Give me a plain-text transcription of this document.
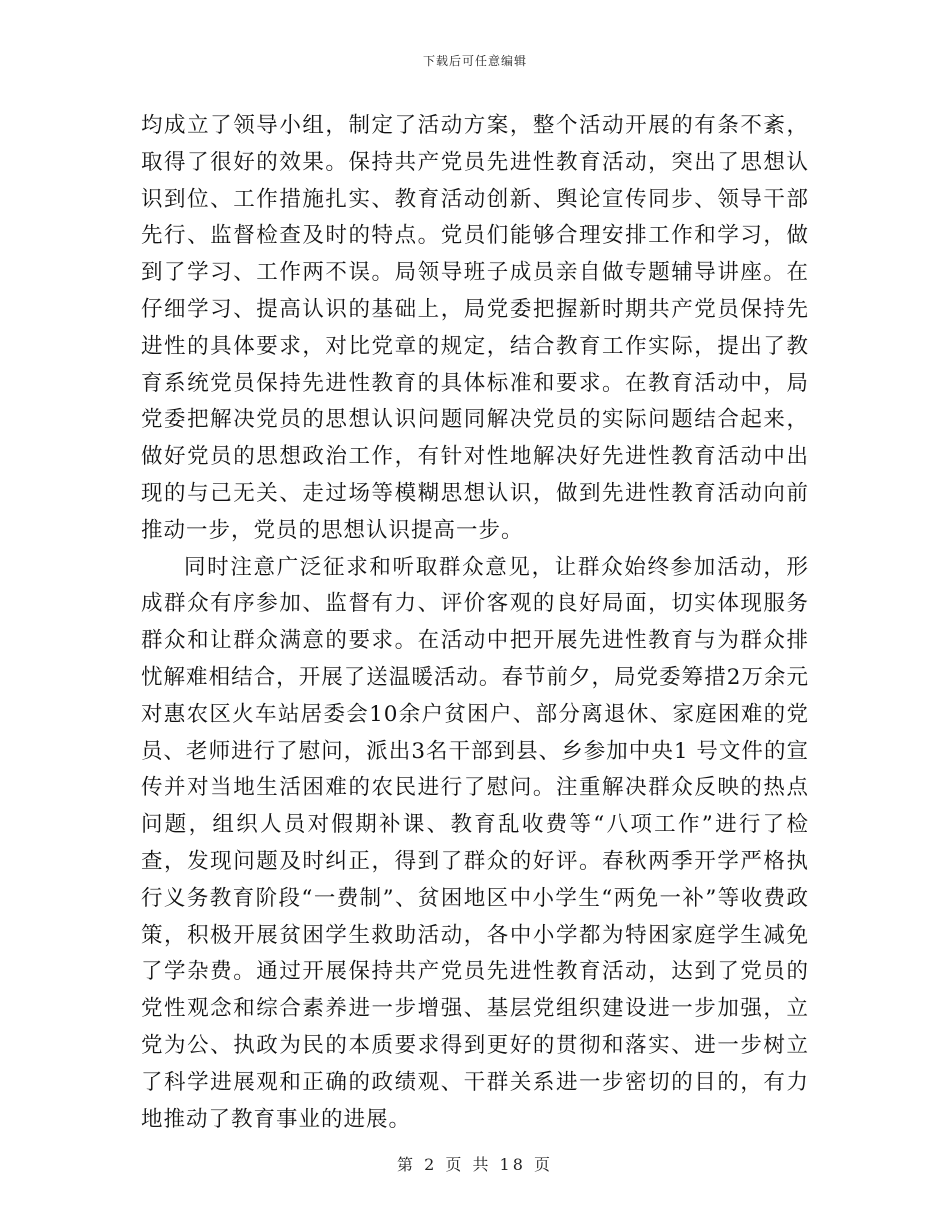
下载后可任意编辑

均成立了领导小组，制定了活动方案，整个活动开展的有条不紊，取得了很好的效果。保持共产党员先进性教育活动，突出了思想认识到位、工作措施扎实、教育活动创新、舆论宣传同步、领导干部先行、监督检查及时的特点。党员们能够合理安排工作和学习，做到了学习、工作两不误。局领导班子成员亲自做专题辅导讲座。在仔细学习、提高认识的基础上，局党委把握新时期共产党员保持先进性的具体要求，对比党章的规定，结合教育工作实际，提出了教育系统党员保持先进性教育的具体标准和要求。在教育活动中，局党委把解决党员的思想认识问题同解决党员的实际问题结合起来，做好党员的思想政治工作，有针对性地解决好先进性教育活动中出现的与己无关、走过场等模糊思想认识，做到先进性教育活动向前推动一步，党员的思想认识提高一步。

同时注意广泛征求和听取群众意见，让群众始终参加活动，形成群众有序参加、监督有力、评价客观的良好局面，切实体现服务群众和让群众满意的要求。在活动中把开展先进性教育与为群众排忧解难相结合，开展了送温暖活动。春节前夕，局党委筹措2万余元对惠农区火车站居委会10余户贫困户、部分离退休、家庭困难的党员、老师进行了慰问，派出3名干部到县、乡参加中央1 号文件的宣传并对当地生活困难的农民进行了慰问。注重解决群众反映的热点问题，组织人员对假期补课、教育乱收费等“八项工作”进行了检查，发现问题及时纠正，得到了群众的好评。春秋两季开学严格执行义务教育阶段“一费制”、贫困地区中小学生“两免一补”等收费政策，积极开展贫困学生救助活动，各中小学都为特困家庭学生减免了学杂费。通过开展保持共产党员先进性教育活动，达到了党员的党性观念和综合素养进一步增强、基层党组织建设进一步加强，立党为公、执政为民的本质要求得到更好的贯彻和落实、进一步树立了科学进展观和正确的政绩观、干群关系进一步密切的目的，有力地推动了教育事业的进展。

第 2 页 共 18 页
